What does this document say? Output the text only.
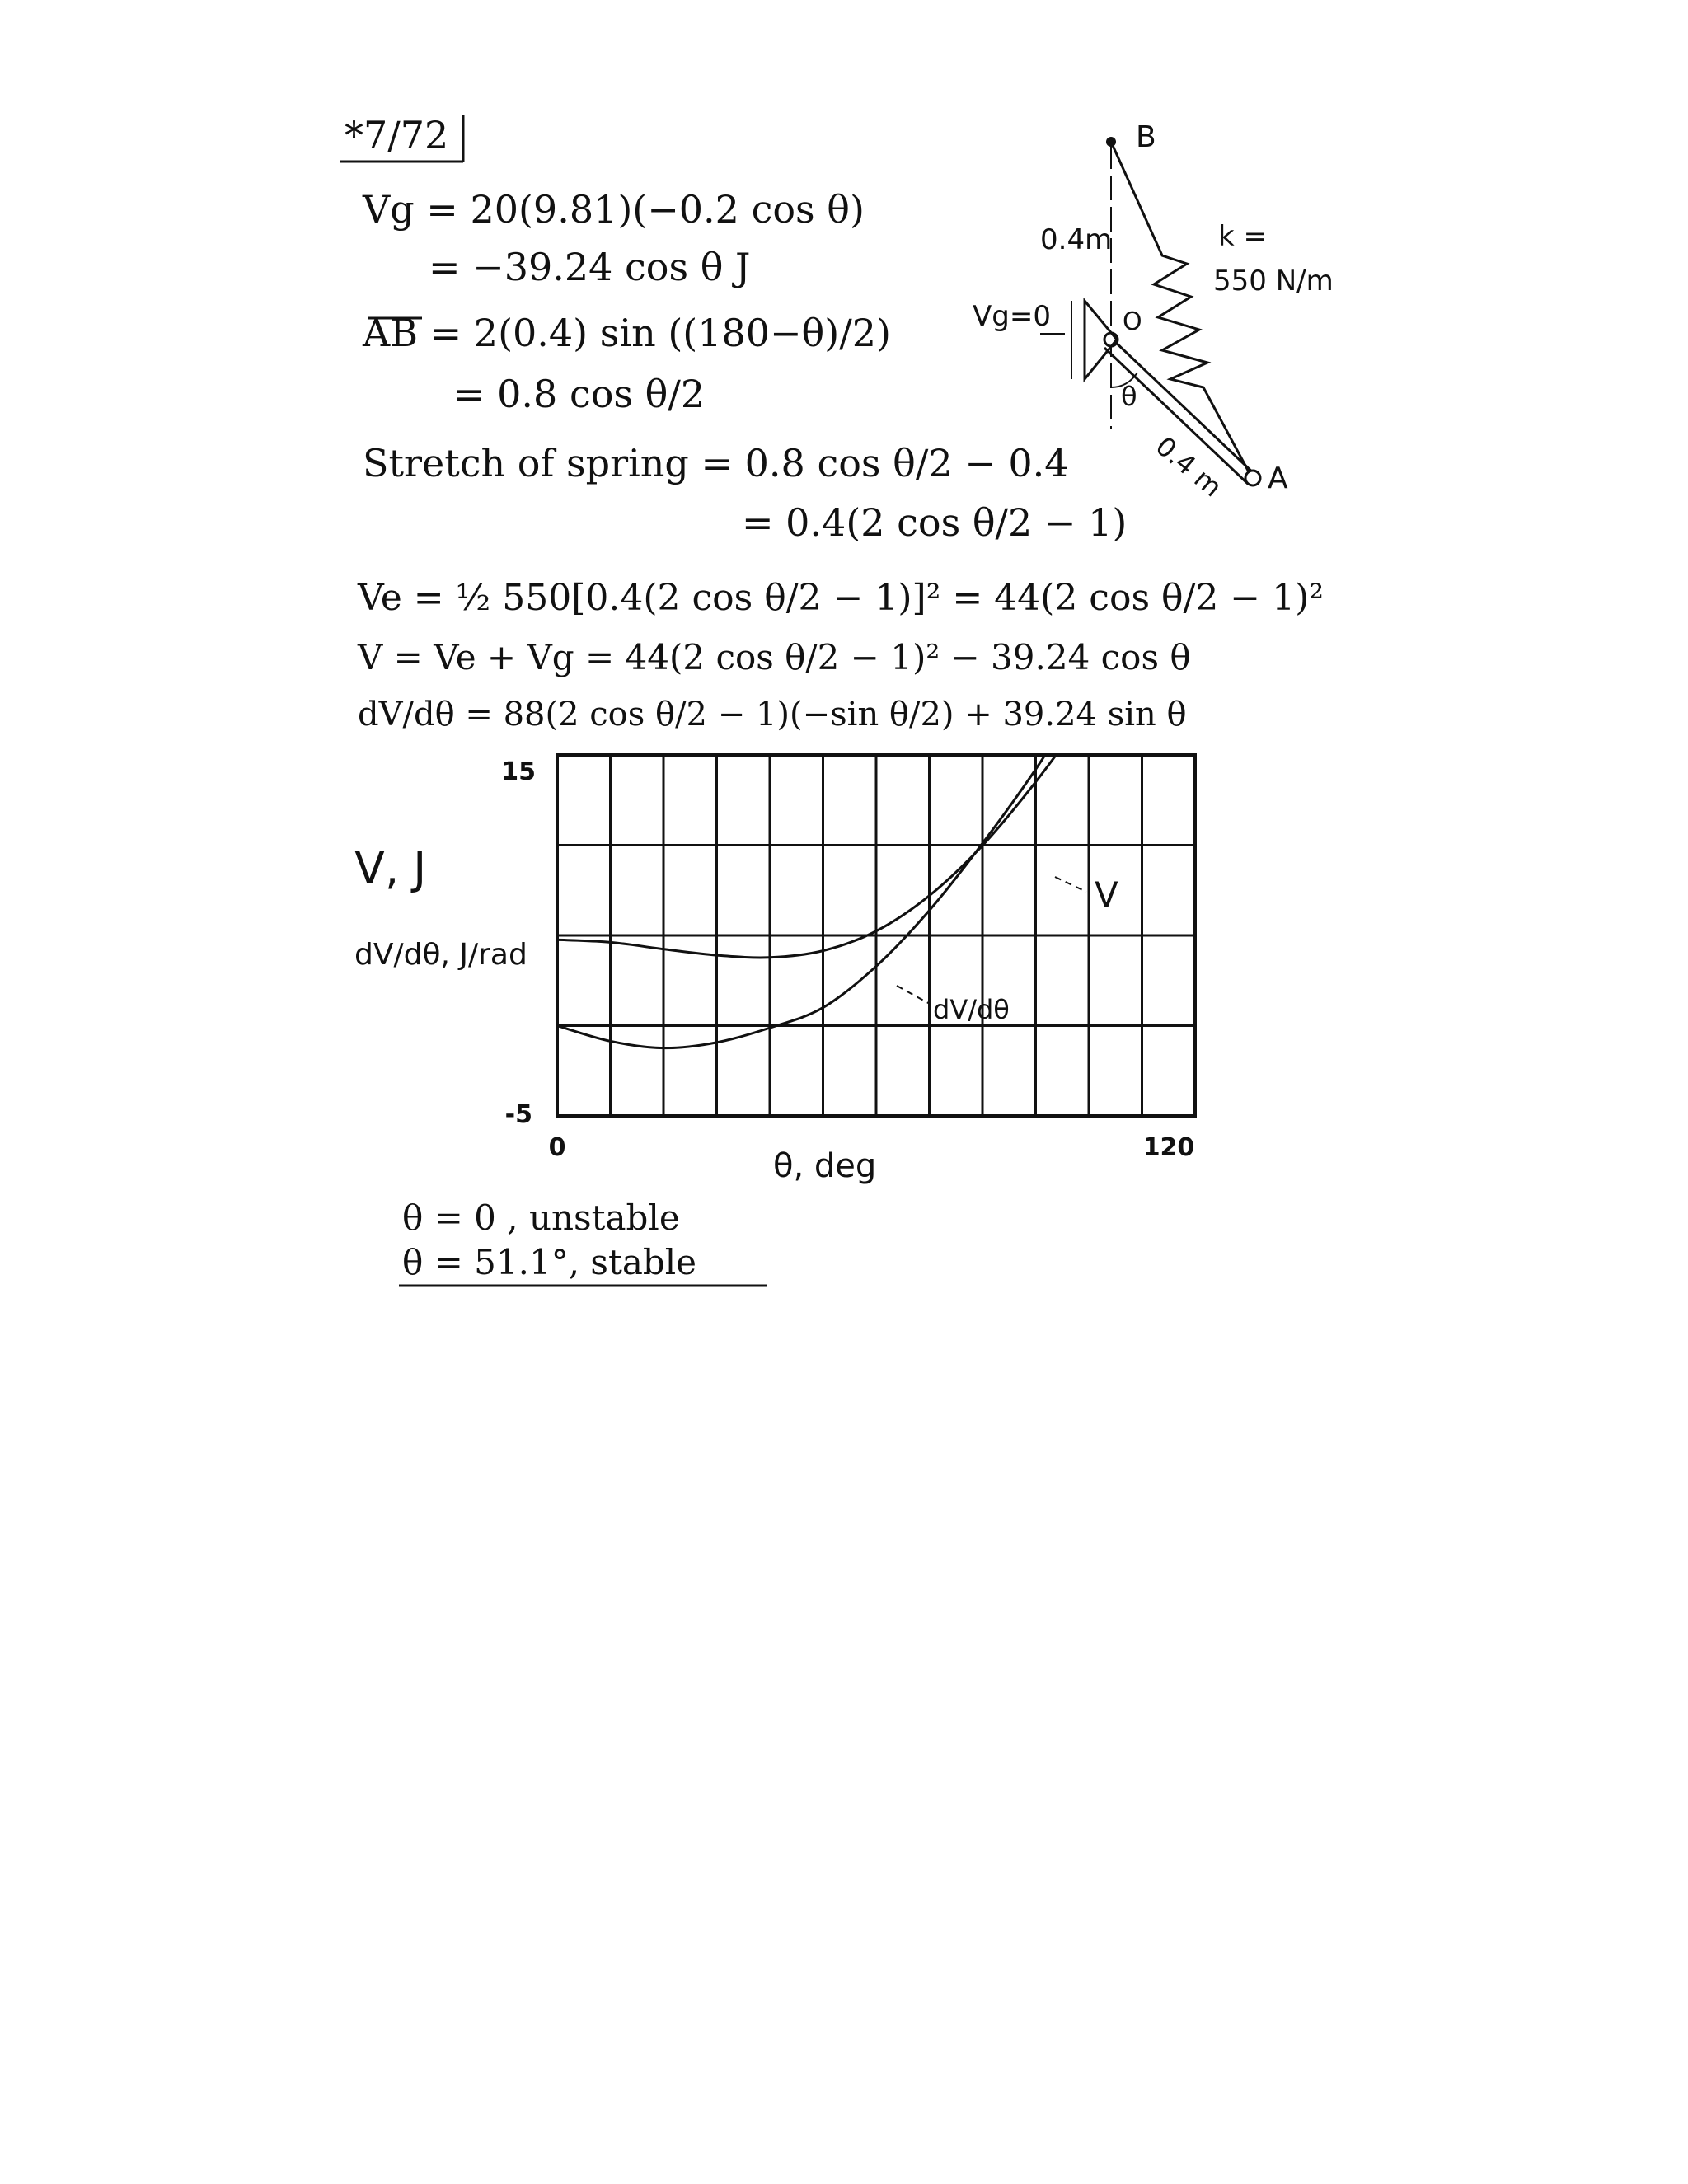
*7/72
Vg = 20(9.81)(−0.2 cos θ)
= −39.24 cos θ J
AB = 2(0.4) sin ((180−θ)/2)
= 0.8 cos θ/2
Stretch of spring = 0.8 cos θ/2 − 0.4
= 0.4(2 cos θ/2 − 1)
Ve = ½ 550[0.4(2 cos θ/2 − 1)]² = 44(2 cos θ/2 − 1)²
V = Ve + Vg = 44(2 cos θ/2 − 1)² − 39.24 cos θ
dV/dθ = 88(2 cos θ/2 − 1)(−sin θ/2) + 39.24 sin θ
B
A
O
θ
0.4m
0.4 m
k =
550 N/m
Vg=0
15
-5
0	120
θ, deg
V, J
dV/dθ, J/rad
V
dV/dθ
θ = 0 , unstable
θ = 51.1°, stable
